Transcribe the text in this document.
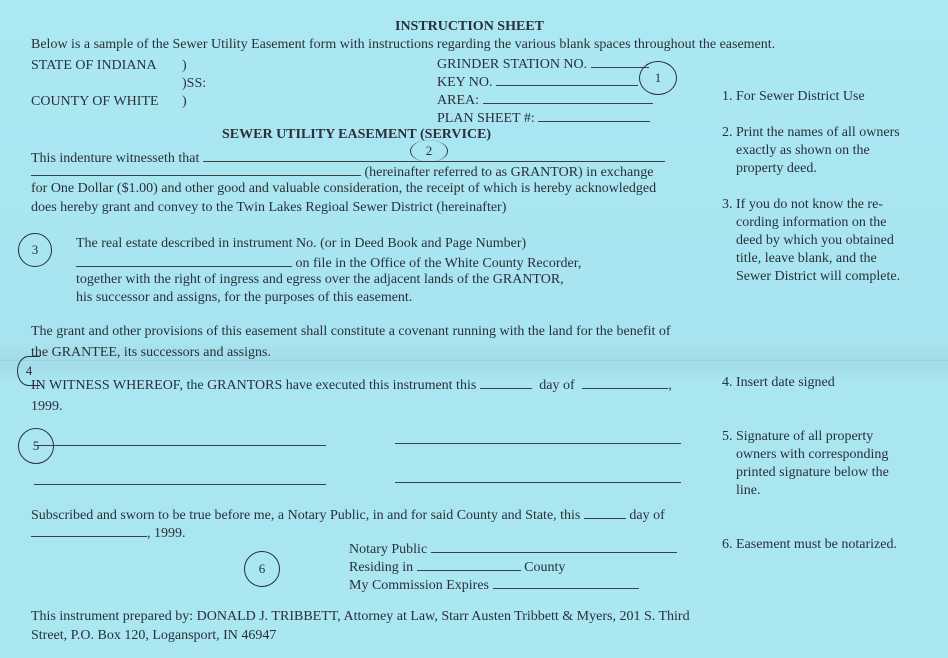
INSTRUCTION SHEET
Below is a sample of the Sewer Utility Easement form with instructions regarding the various blank spaces throughout the easement.
STATE OF INDIANA )
)SS:
COUNTY OF WHITE )
GRINDER STATION NO.
KEY NO.
AREA:
PLAN SHEET #:
1
SEWER UTILITY EASEMENT (SERVICE)
This indenture witnesseth that
2
(hereinafter referred to as GRANTOR) in exchange
for One Dollar ($1.00) and other good and valuable consideration, the receipt of which is hereby acknowledged
does hereby grant and convey to the Twin Lakes Regioal Sewer District (hereinafter)
3	The real estate described in instrument No. (or in Deed Book and Page Number)
on file in the Office of the White County Recorder,
together with the right of ingress and egress over the adjacent lands of the GRANTOR,
his successor and assigns, for the purposes of this easement.
The grant and other provisions of this easement shall constitute a covenant running with the land for the benefit of
the GRANTEE, its successors and assigns.
4
IN WITNESS WHEREOF, the GRANTORS have executed this instrument this	day of	,
1999.
5
Subscribed and sworn to be true before me, a Notary Public, in and for said County and State, this	day of
, 1999.
6
Notary Public
Residing in	County
My Commission Expires
This instrument prepared by: DONALD J. TRIBBETT, Attorney at Law, Starr Austen Tribbett & Myers, 201 S. Third
Street, P.O. Box 120, Logansport, IN 46947
1. For Sewer District Use
2. Print the names of all owners
exactly as shown on the
property deed.
3. If you do not know the re-
cording information on the
deed by which you obtained
title, leave blank, and the
Sewer District will complete.
4. Insert date signed
5. Signature of all property
owners with corresponding
printed signature below the
line.
6. Easement must be notarized.
